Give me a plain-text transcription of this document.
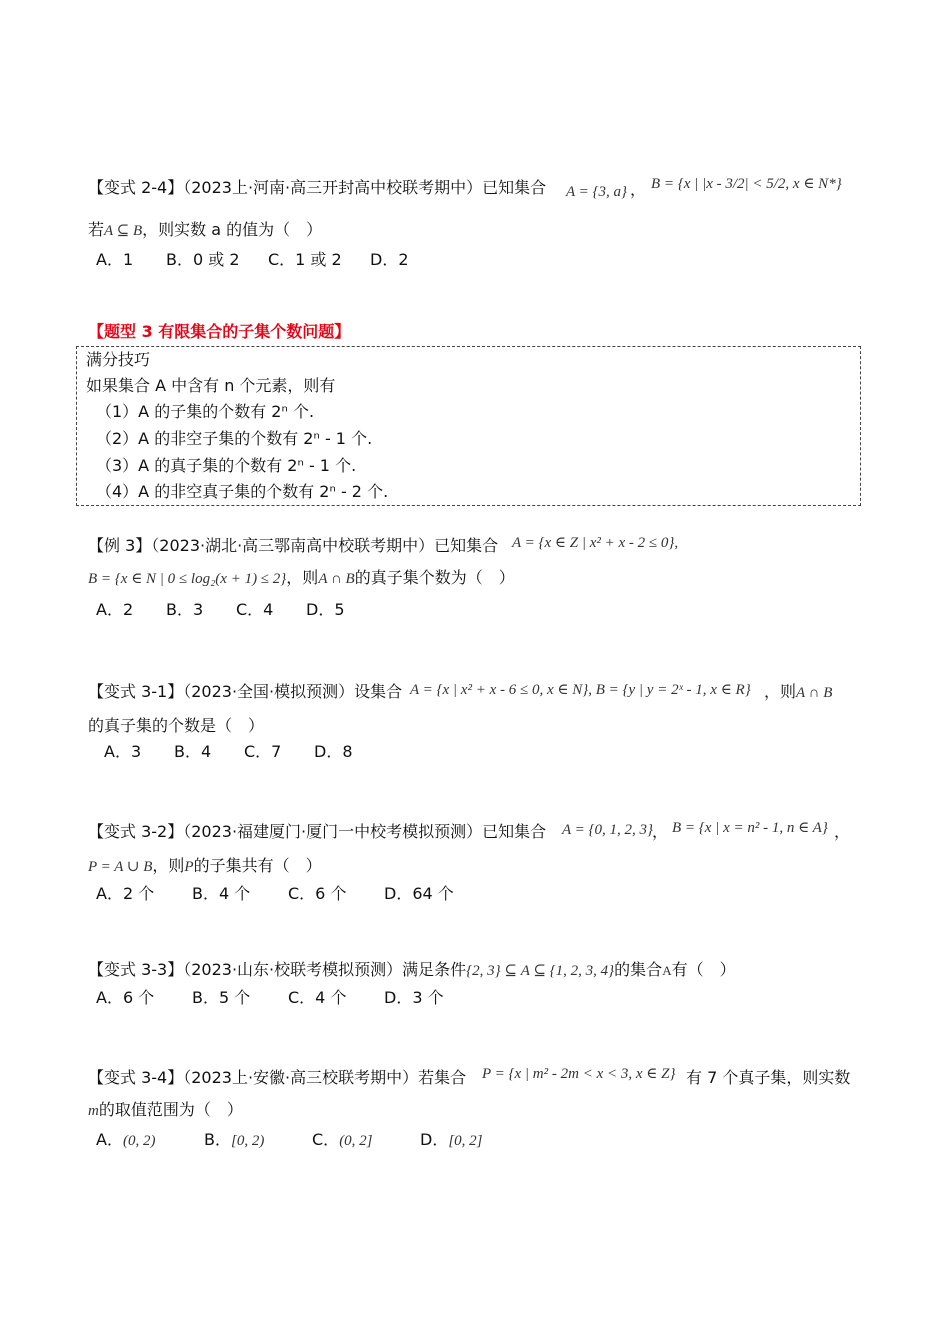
【变式 2-4】（2023上·河南·高三开封高中校联考期中）已知集合 A = {3, a} ， B = {x | |x - 3/2| < 5/2, x ∈ N*}
若A ⊆ B，则实数 a 的值为（　）
A．1 B．0 或 2 C．1 或 2 D．2
【题型 3 有限集合的子集个数问题】
满分技巧
如果集合 A 中含有 n 个元素，则有
（1）A 的子集的个数有 2ⁿ 个.
（2）A 的非空子集的个数有 2ⁿ - 1 个.
（3）A 的真子集的个数有 2ⁿ - 1 个.
（4）A 的非空真子集的个数有 2ⁿ - 2 个.
【例 3】（2023·湖北·高三鄂南高中校联考期中）已知集合 A = {x ∈ Z | x² + x - 2 ≤ 0},
B = {x ∈ N | 0 ≤ log₂(x + 1) ≤ 2}，则A ∩ B的真子集个数为（　）
A．2 B．3 C．4 D．5
【变式 3-1】（2023·全国·模拟预测）设集合 A = {x | x² + x - 6 ≤ 0, x ∈ N}, B = {y | y = 2ˣ - 1, x ∈ R} ，则A ∩ B
的真子集的个数是（　）
A．3 B．4 C．7 D．8
【变式 3-2】（2023·福建厦门·厦门一中校考模拟预测）已知集合 A = {0, 1, 2, 3}
， B = {x | x = n² - 1, n ∈ A} ，
P = A ∪ B，则P的子集共有（　）
A．2 个 B．4 个 C．6 个 D．64 个
【变式 3-3】（2023·山东·校联考模拟预测）满足条件{2, 3} ⊆ A ⊆ {1, 2, 3, 4}的集合A有（　）
A．6 个 B．5 个 C．4 个 D．3 个
【变式 3-4】（2023上·安徽·高三校联考期中）若集合 P = {x | m² - 2m < x < 3, x ∈ Z} 有 7 个真子集，则实数
m的取值范围为（　）
A．(0, 2)	B．[0, 2)	C．(0, 2]	D．[0, 2]
